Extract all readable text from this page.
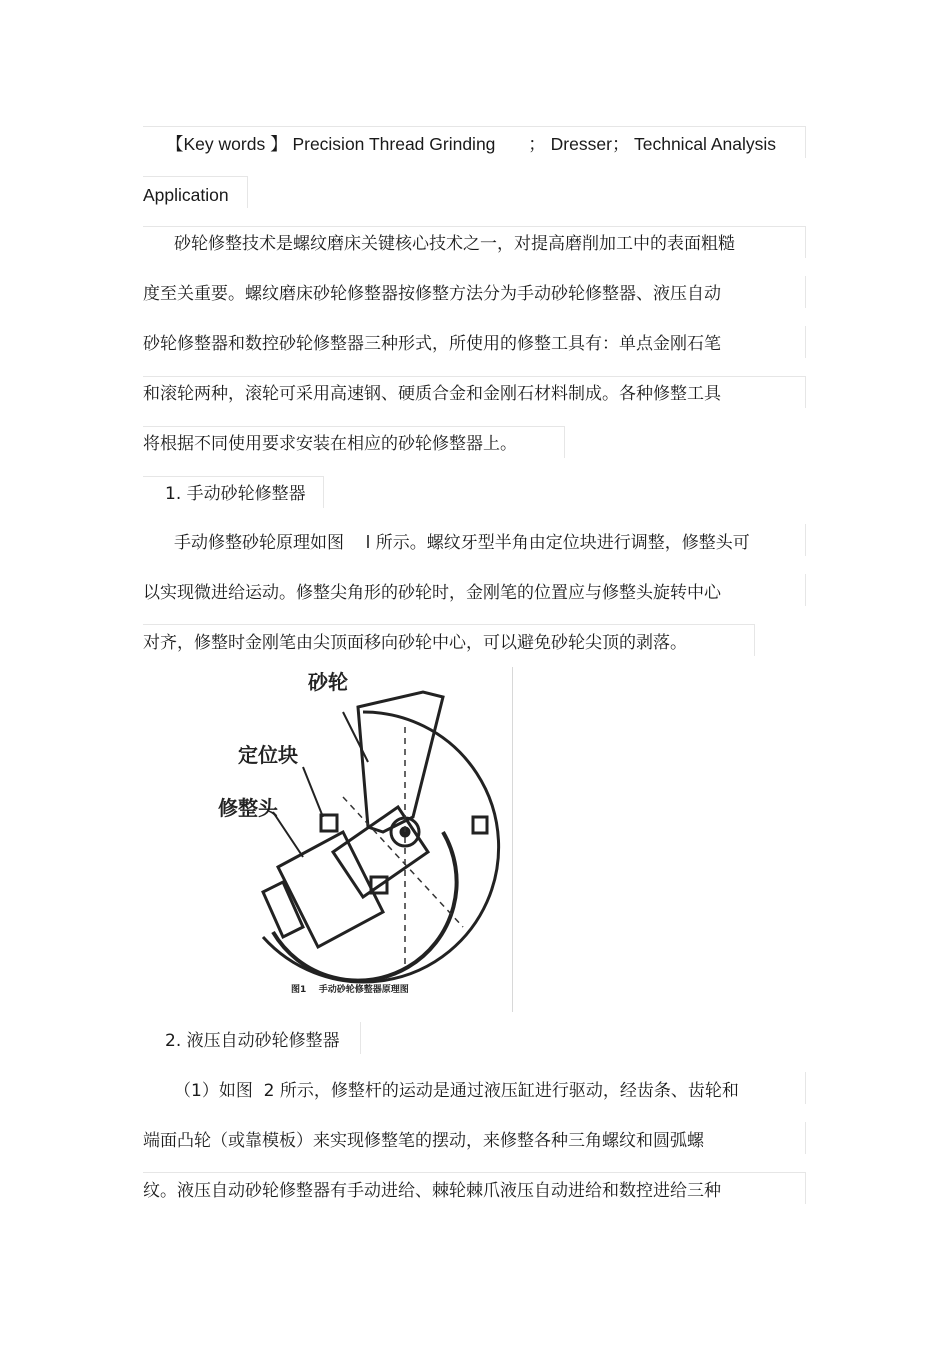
【Key words 】 Precision Thread Grinding ； Dresser； Technical Analysis
Application
砂轮修整技术是螺纹磨床关键核心技术之一，对提高磨削加工中的表面粗糙
度至关重要。螺纹磨床砂轮修整器按修整方法分为手动砂轮修整器、液压自动
砂轮修整器和数控砂轮修整器三种形式，所使用的修整工具有：单点金刚石笔
和滚轮两种，滚轮可采用高速钢、硬质合金和金刚石材料制成。各种修整工具
将根据不同使用要求安装在相应的砂轮修整器上。
1. 手动砂轮修整器
手动修整砂轮原理如图    l 所示。螺纹牙型半角由定位块进行调整，修整头可
以实现微进给运动。修整尖角形的砂轮时，金刚笔的位置应与修整头旋转中心
对齐，修整时金刚笔由尖顶面移向砂轮中心，可以避免砂轮尖顶的剥落。
砂轮
定位块
修整头
图1    手动砂轮修整器原理图
2. 液压自动砂轮修整器
（1）如图  2 所示，修整杆的运动是通过液压缸进行驱动，经齿条、齿轮和
端面凸轮（或靠模板）来实现修整笔的摆动，来修整各种三角螺纹和圆弧螺
纹。液压自动砂轮修整器有手动进给、棘轮棘爪液压自动进给和数控进给三种
